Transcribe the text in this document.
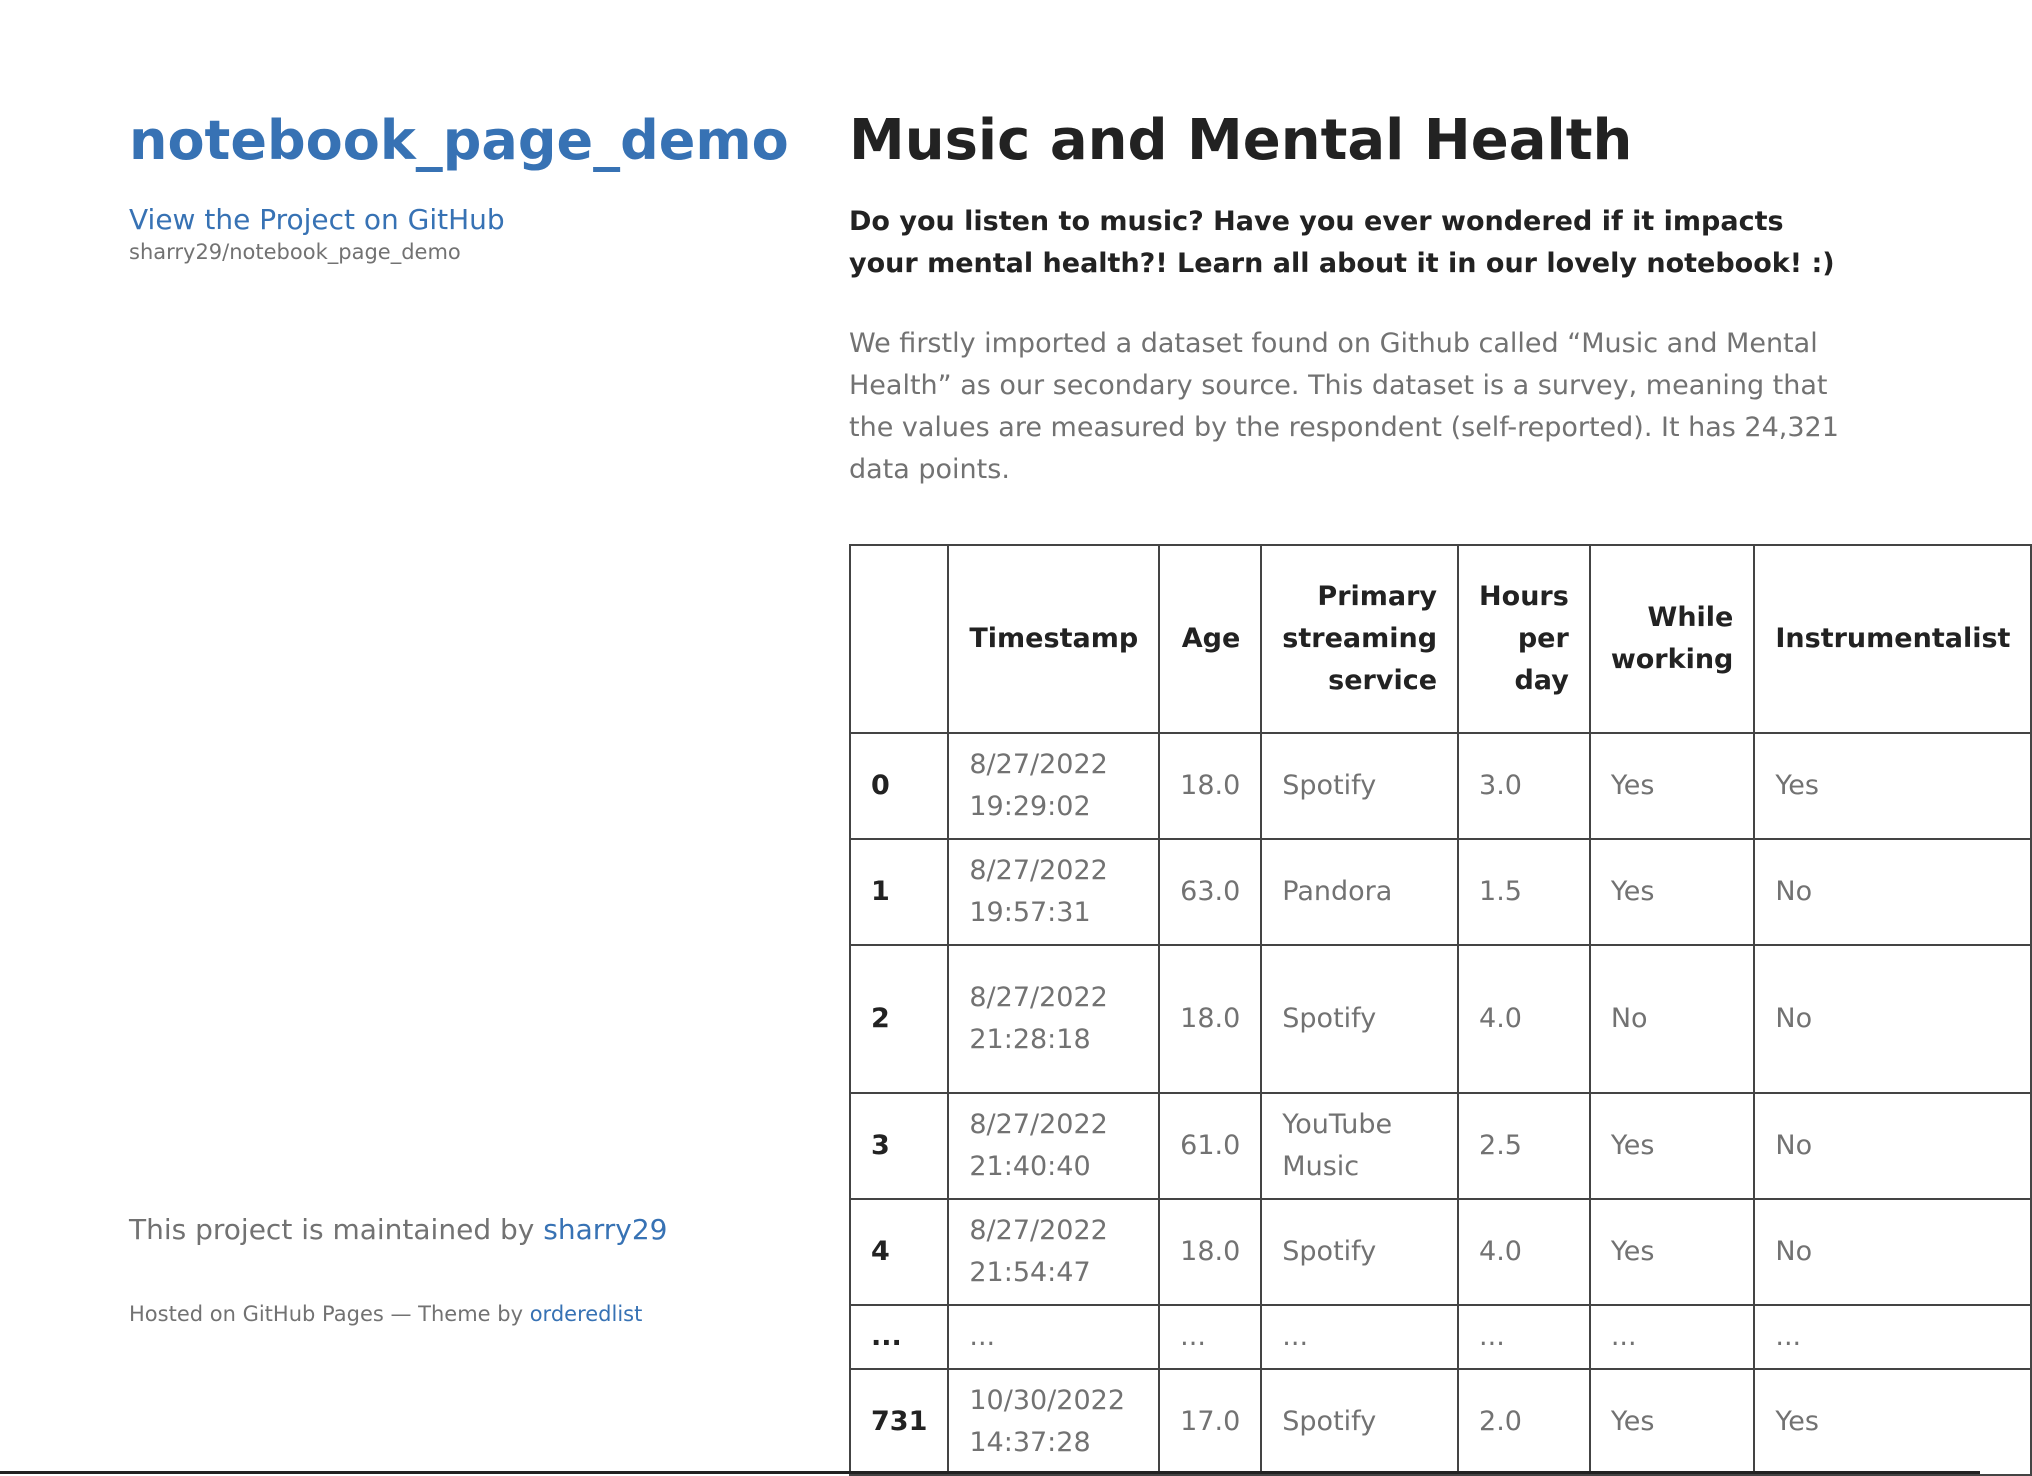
notebook_page_demo
View the Project on GitHub
sharry29/notebook_page_demo
This project is maintained by sharry29
Hosted on GitHub Pages — Theme by orderedlist
Music and Mental Health

Do you listen to music? Have you ever wondered if it impacts your mental health?! Learn all about it in our lovely notebook! :)

We firstly imported a dataset found on Github called “Music and Mental Health” as our secondary source. This dataset is a survey, meaning that the values are measured by the respondent (self-reported). It has 24,321 data points.

	Timestamp	Age	Primary streaming service	Hours per day	While working	Instrumentalist
0	8/27/2022 19:29:02	18.0	Spotify	3.0	Yes	Yes
1	8/27/2022 19:57:31	63.0	Pandora	1.5	Yes	No
2	8/27/2022 21:28:18	18.0	Spotify	4.0	No	No
3	8/27/2022 21:40:40	61.0	YouTube Music	2.5	Yes	No
4	8/27/2022 21:54:47	18.0	Spotify	4.0	Yes	No
...	...	...	...	...	...	...
731	10/30/2022 14:37:28	17.0	Spotify	2.0	Yes	Yes
